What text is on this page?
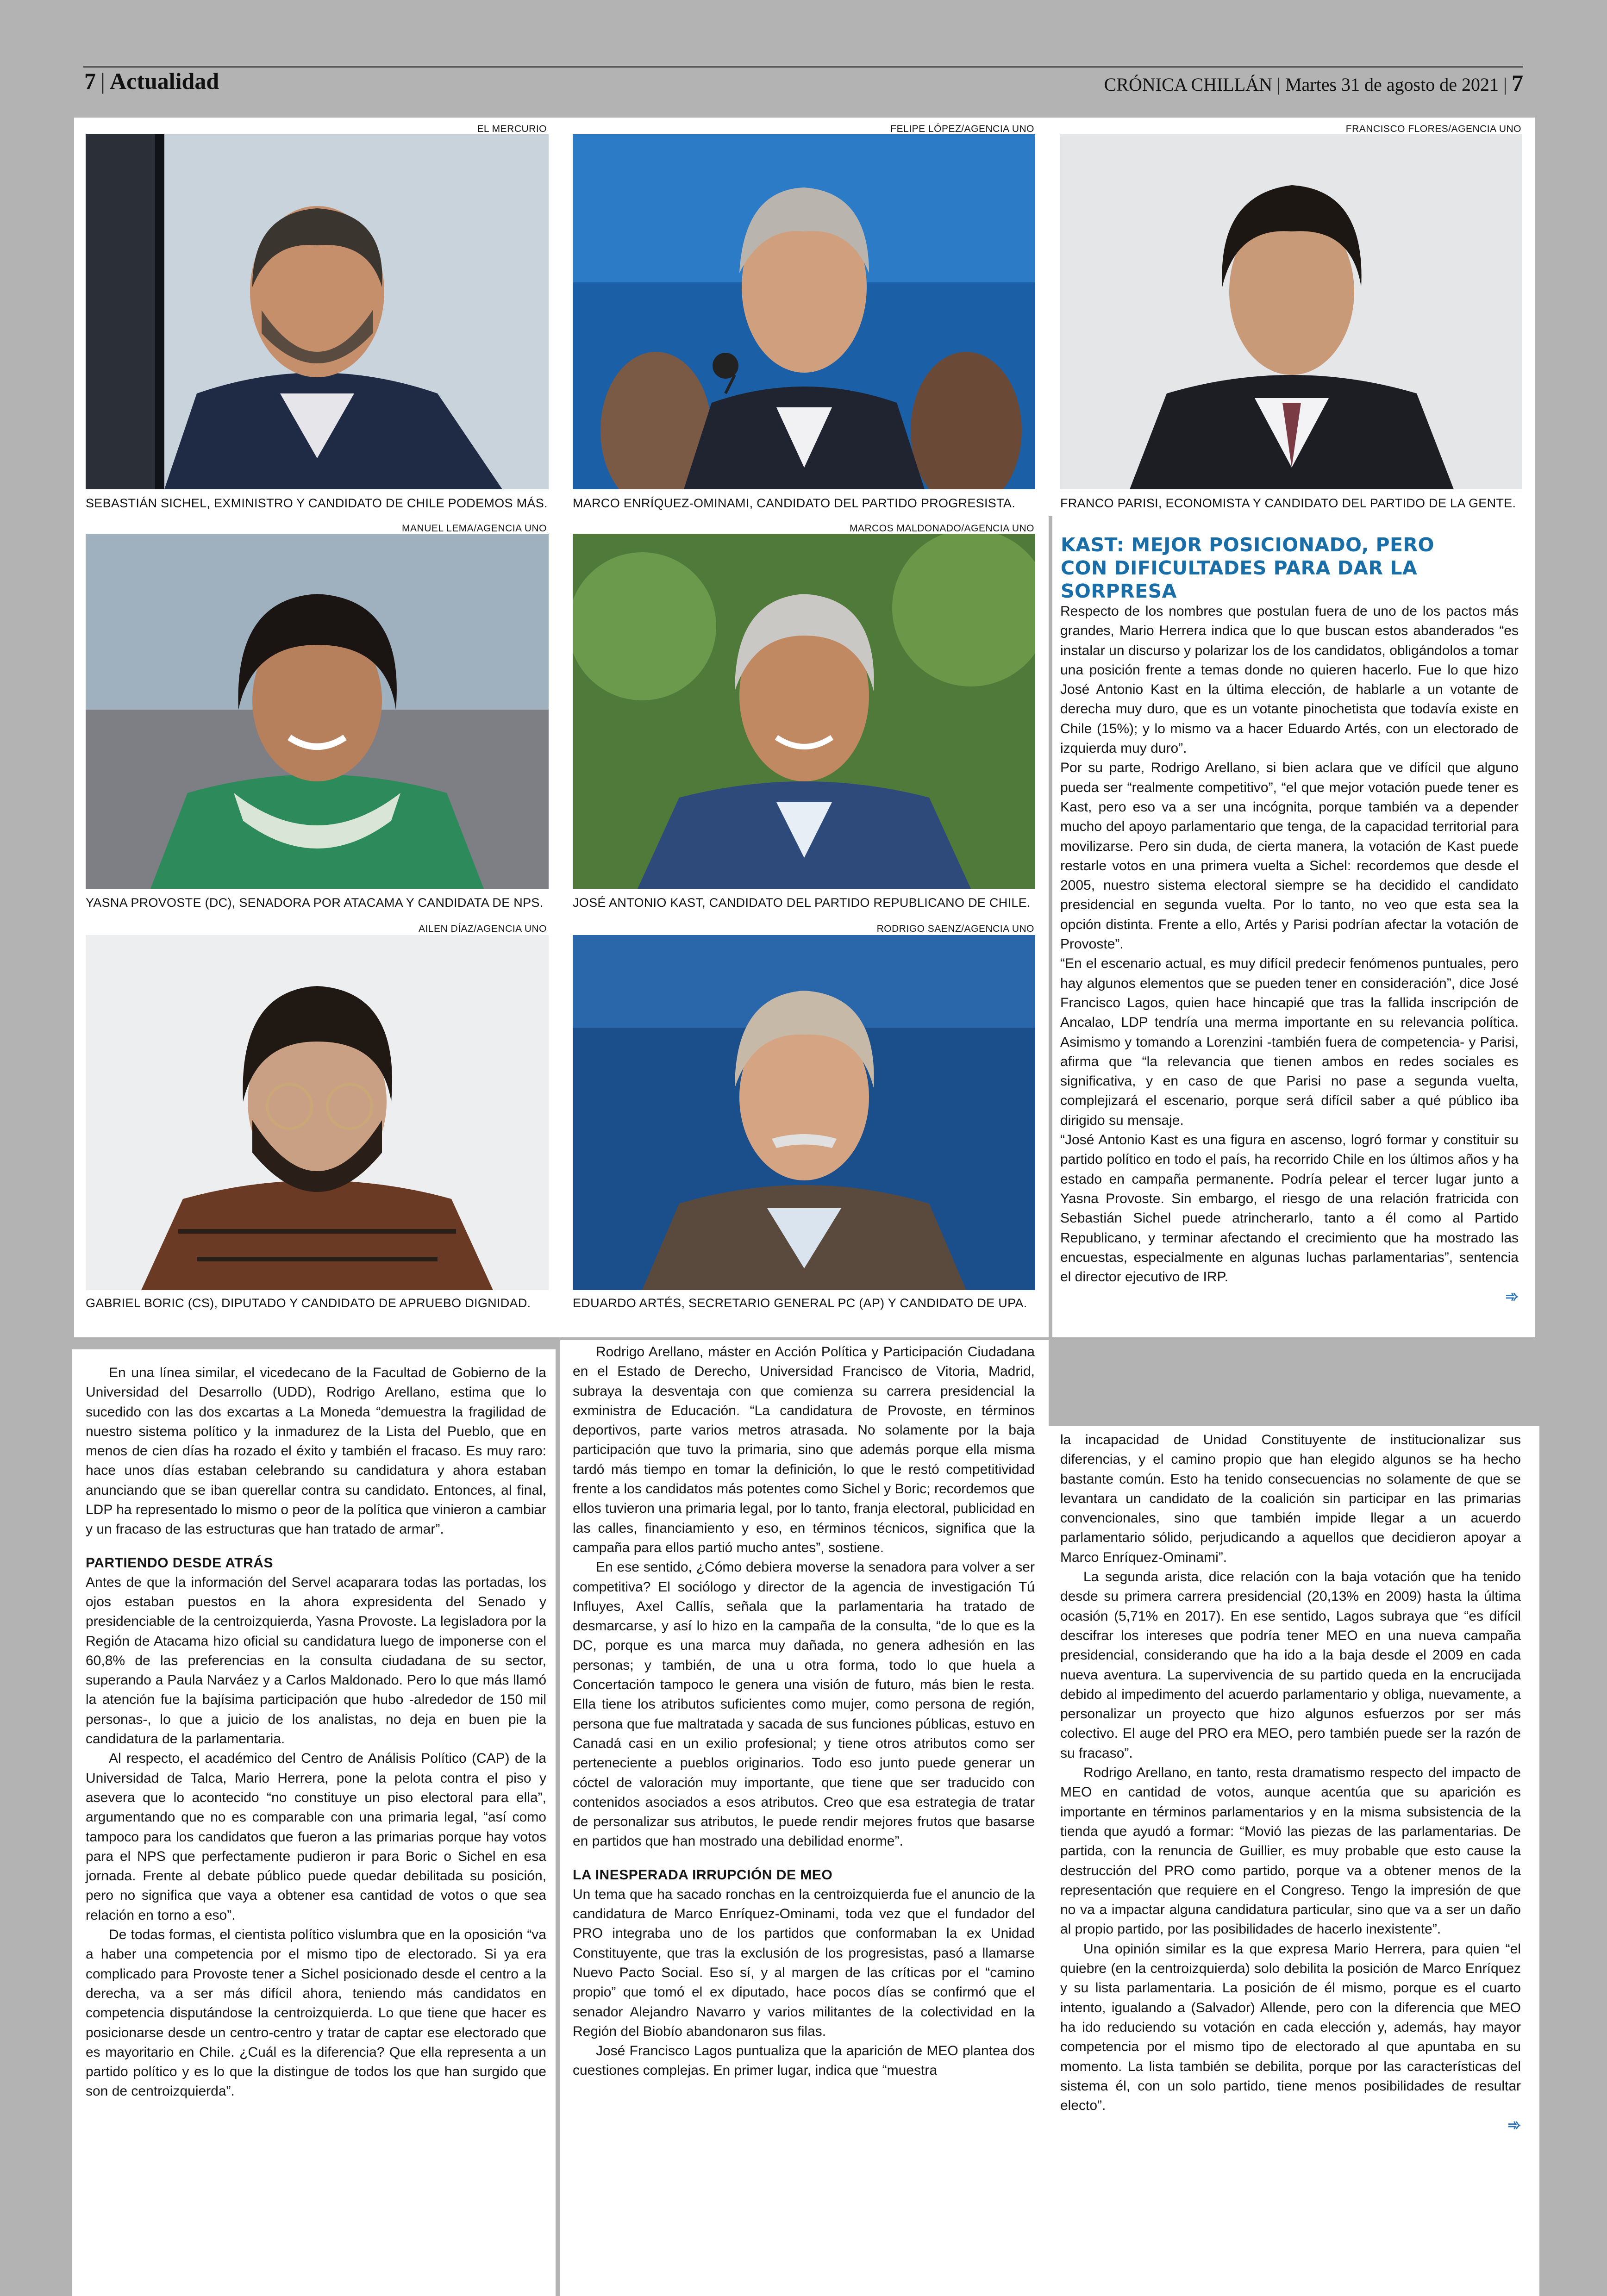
7 | Actualidad	CRÓNICA CHILLÁN | Martes 31 de agosto de 2021 | 7
EL MERCURIO
SEBASTIÁN SICHEL, EXMINISTRO Y CANDIDATO DE CHILE PODEMOS MÁS.
FELIPE LÓPEZ/AGENCIA UNO
MARCO ENRÍQUEZ-OMINAMI, CANDIDATO DEL PARTIDO PROGRESISTA.
FRANCISCO FLORES/AGENCIA UNO
FRANCO PARISI, ECONOMISTA Y CANDIDATO DEL PARTIDO DE LA GENTE.
MANUEL LEMA/AGENCIA UNO
YASNA PROVOSTE (DC), SENADORA POR ATACAMA Y CANDIDATA DE NPS.
MARCOS MALDONADO/AGENCIA UNO
JOSÉ ANTONIO KAST, CANDIDATO DEL PARTIDO REPUBLICANO DE CHILE.
AILEN DÍAZ/AGENCIA UNO
GABRIEL BORIC (CS), DIPUTADO Y CANDIDATO DE APRUEBO DIGNIDAD.
RODRIGO SAENZ/AGENCIA UNO
EDUARDO ARTÉS, SECRETARIO GENERAL PC (AP) Y CANDIDATO DE UPA.
KAST: MEJOR POSICIONADO, PERO CON DIFICULTADES PARA DAR LA SORPRESA

Respecto de los nombres que postulan fuera de uno de los pactos más grandes, Mario Herrera indica que lo que buscan estos abanderados “es instalar un discurso y polarizar los de los candidatos, obligándolos a tomar una posición frente a temas donde no quieren hacerlo. Fue lo que hizo José Antonio Kast en la última elección, de hablarle a un votante de derecha muy duro, que es un votante pinochetista que todavía existe en Chile (15%); y lo mismo va a hacer Eduardo Artés, con un electorado de izquierda muy duro”.

Por su parte, Rodrigo Arellano, si bien aclara que ve difícil que alguno pueda ser “realmente competitivo”, “el que mejor votación puede tener es Kast, pero eso va a ser una incógnita, porque también va a depender mucho del apoyo parlamentario que tenga, de la capacidad territorial para movilizarse. Pero sin duda, de cierta manera, la votación de Kast puede restarle votos en una primera vuelta a Sichel: recordemos que desde el 2005, nuestro sistema electoral siempre se ha decidido el candidato presidencial en segunda vuelta. Por lo tanto, no veo que esta sea la opción distinta. Frente a ello, Artés y Parisi podrían afectar la votación de Provoste”.

“En el escenario actual, es muy difícil predecir fenómenos puntuales, pero hay algunos elementos que se pueden tener en consideración”, dice José Francisco Lagos, quien hace hincapié que tras la fallida inscripción de Ancalao, LDP tendría una merma importante en su relevancia política. Asimismo y tomando a Lorenzini -también fuera de competencia- y Parisi, afirma que “la relevancia que tienen ambos en redes sociales es significativa, y en caso de que Parisi no pase a segunda vuelta, complejizará el escenario, porque será difícil saber a qué público iba dirigido su mensaje.

“José Antonio Kast es una figura en ascenso, logró formar y constituir su partido político en todo el país, ha recorrido Chile en los últimos años y ha estado en campaña permanente. Podría pelear el tercer lugar junto a Yasna Provoste. Sin embargo, el riesgo de una relación fratricida con Sebastián Sichel puede atrincherarlo, tanto a él como al Partido Republicano, y terminar afectando el crecimiento que ha mostrado las encuestas, especialmente en algunas luchas parlamentarias”, sentencia el director ejecutivo de IRP.

➾

En una línea similar, el vicedecano de la Facultad de Gobierno de la Universidad del Desarrollo (UDD), Rodrigo Arellano, estima que lo sucedido con las dos excartas a La Moneda “demuestra la fragilidad de nuestro sistema político y la inmadurez de la Lista del Pueblo, que en menos de cien días ha rozado el éxito y también el fracaso. Es muy raro: hace unos días estaban celebrando su candidatura y ahora estaban anunciando que se iban querellar contra su candidato. Entonces, al final, LDP ha representado lo mismo o peor de la política que vinieron a cambiar y un fracaso de las estructuras que han tratado de armar”.

PARTIENDO DESDE ATRÁS

Antes de que la información del Servel acaparara todas las portadas, los ojos estaban puestos en la ahora expresidenta del Senado y presidenciable de la centroizquierda, Yasna Provoste. La legisladora por la Región de Atacama hizo oficial su candidatura luego de imponerse con el 60,8% de las preferencias en la consulta ciudadana de su sector, superando a Paula Narváez y a Carlos Maldonado. Pero lo que más llamó la atención fue la bajísima participación que hubo -alrededor de 150 mil personas-, lo que a juicio de los analistas, no deja en buen pie la candidatura de la parlamentaria.

Al respecto, el académico del Centro de Análisis Político (CAP) de la Universidad de Talca, Mario Herrera, pone la pelota contra el piso y asevera que lo acontecido “no constituye un piso electoral para ella”, argumentando que no es comparable con una primaria legal, “así como tampoco para los candidatos que fueron a las primarias porque hay votos para el NPS que perfectamente pudieron ir para Boric o Sichel en esa jornada. Frente al debate público puede quedar debilitada su posición, pero no significa que vaya a obtener esa cantidad de votos o que sea relación en torno a eso”.

De todas formas, el cientista político vislumbra que en la oposición “va a haber una competencia por el mismo tipo de electorado. Si ya era complicado para Provoste tener a Sichel posicionado desde el centro a la derecha, va a ser más difícil ahora, teniendo más candidatos en competencia disputándose la centroizquierda. Lo que tiene que hacer es posicionarse desde un centro-centro y tratar de captar ese electorado que es mayoritario en Chile. ¿Cuál es la diferencia? Que ella representa a un partido político y es lo que la distingue de todos los que han surgido que son de centroizquierda”.

Rodrigo Arellano, máster en Acción Política y Participación Ciudadana en el Estado de Derecho, Universidad Francisco de Vitoria, Madrid, subraya la desventaja con que comienza su carrera presidencial la exministra de Educación. “La candidatura de Provoste, en términos deportivos, parte varios metros atrasada. No solamente por la baja participación que tuvo la primaria, sino que además porque ella misma tardó más tiempo en tomar la definición, lo que le restó competitividad frente a los candidatos más potentes como Sichel y Boric; recordemos que ellos tuvieron una primaria legal, por lo tanto, franja electoral, publicidad en las calles, financiamiento y eso, en términos técnicos, significa que la campaña para ellos partió mucho antes”, sostiene.

En ese sentido, ¿Cómo debiera moverse la senadora para volver a ser competitiva? El sociólogo y director de la agencia de investigación Tú Influyes, Axel Callís, señala que la parlamentaria ha tratado de desmarcarse, y así lo hizo en la campaña de la consulta, “de lo que es la DC, porque es una marca muy dañada, no genera adhesión en las personas; y también, de una u otra forma, todo lo que huela a Concertación tampoco le genera una visión de futuro, más bien le resta. Ella tiene los atributos suficientes como mujer, como persona de región, persona que fue maltratada y sacada de sus funciones públicas, estuvo en Canadá casi en un exilio profesional; y tiene otros atributos como ser perteneciente a pueblos originarios. Todo eso junto puede generar un cóctel de valoración muy importante, que tiene que ser traducido con contenidos asociados a esos atributos. Creo que esa estrategia de tratar de personalizar sus atributos, le puede rendir mejores frutos que basarse en partidos que han mostrado una debilidad enorme”.

LA INESPERADA IRRUPCIÓN DE MEO

Un tema que ha sacado ronchas en la centroizquierda fue el anuncio de la candidatura de Marco Enríquez-Ominami, toda vez que el fundador del PRO integraba uno de los partidos que conformaban la ex Unidad Constituyente, que tras la exclusión de los progresistas, pasó a llamarse Nuevo Pacto Social. Eso sí, y al margen de las críticas por el “camino propio” que tomó el ex diputado, hace pocos días se confirmó que el senador Alejandro Navarro y varios militantes de la colectividad en la Región del Biobío abandonaron sus filas.

José Francisco Lagos puntualiza que la aparición de MEO plantea dos cuestiones complejas. En primer lugar, indica que “muestra

la incapacidad de Unidad Constituyente de institucionalizar sus diferencias, y el camino propio que han elegido algunos se ha hecho bastante común. Esto ha tenido consecuencias no solamente de que se levantara un candidato de la coalición sin participar en las primarias convencionales, sino que también impide llegar a un acuerdo parlamentario sólido, perjudicando a aquellos que decidieron apoyar a Marco Enríquez-Ominami”.

La segunda arista, dice relación con la baja votación que ha tenido desde su primera carrera presidencial (20,13% en 2009) hasta la última ocasión (5,71% en 2017). En ese sentido, Lagos subraya que “es difícil descifrar los intereses que podría tener MEO en una nueva campaña presidencial, considerando que ha ido a la baja desde el 2009 en cada nueva aventura. La supervivencia de su partido queda en la encrucijada debido al impedimento del acuerdo parlamentario y obliga, nuevamente, a personalizar un proyecto que hizo algunos esfuerzos por ser más colectivo. El auge del PRO era MEO, pero también puede ser la razón de su fracaso”.

Rodrigo Arellano, en tanto, resta dramatismo respecto del impacto de MEO en cantidad de votos, aunque acentúa que su aparición es importante en términos parlamentarios y en la misma subsistencia de la tienda que ayudó a formar: “Movió las piezas de las parlamentarias. De partida, con la renuncia de Guillier, es muy probable que esto cause la destrucción del PRO como partido, porque va a obtener menos de la representación que requiere en el Congreso. Tengo la impresión de que no va a impactar alguna candidatura particular, sino que va a ser un daño al propio partido, por las posibilidades de hacerlo inexistente”.

Una opinión similar es la que expresa Mario Herrera, para quien “el quiebre (en la centroizquierda) solo debilita la posición de Marco Enríquez y su lista parlamentaria. La posición de él mismo, porque es el cuarto intento, igualando a (Salvador) Allende, pero con la diferencia que MEO ha ido reduciendo su votación en cada elección y, además, hay mayor competencia por el mismo tipo de electorado al que apuntaba en su momento. La lista también se debilita, porque por las características del sistema él, con un solo partido, tiene menos posibilidades de resultar electo”.

➾
